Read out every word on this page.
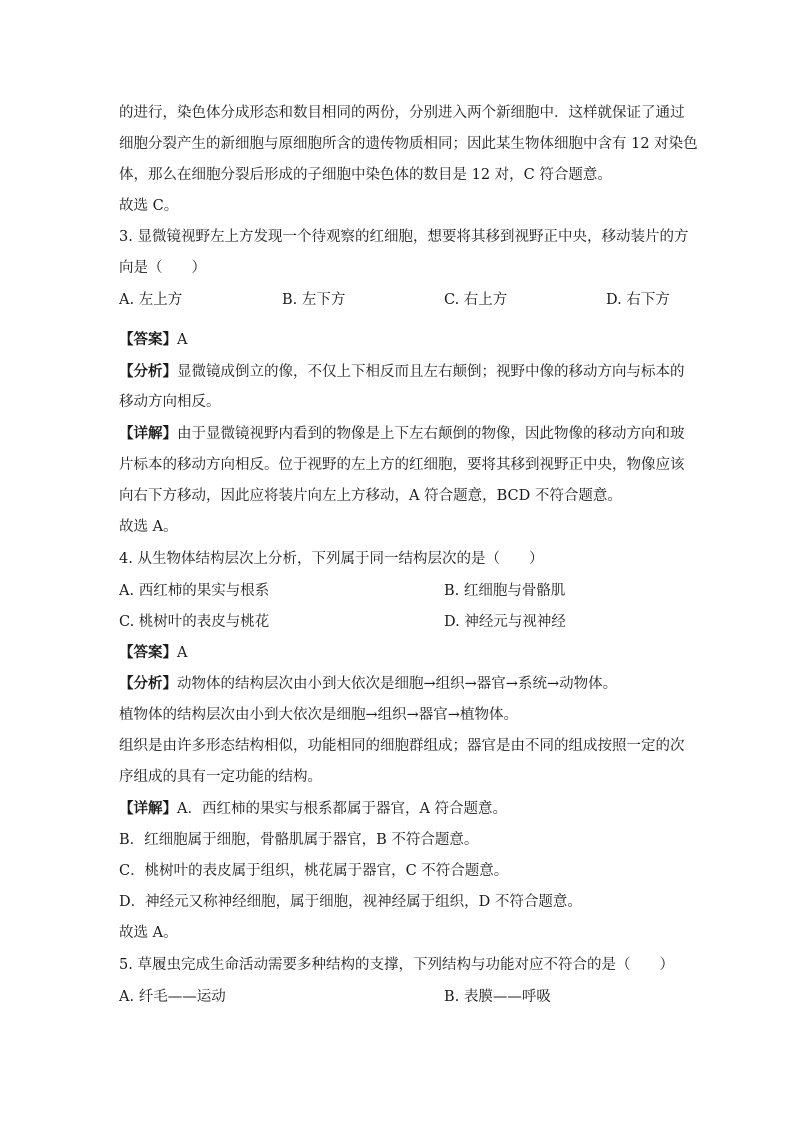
的进行，染色体分成形态和数目相同的两份，分别进入两个新细胞中．这样就保证了通过
细胞分裂产生的新细胞与原细胞所含的遗传物质相同；因此某生物体细胞中含有 12 对染色
体，那么在细胞分裂后形成的子细胞中染色体的数目是 12 对，C 符合题意。
故选 C。
3. 显微镜视野左上方发现一个待观察的红细胞，想要将其移到视野正中央，移动装片的方
向是（　　）
A. 左上方	B. 左下方	C. 右上方	D. 右下方
【答案】A
【分析】显微镜成倒立的像，不仅上下相反而且左右颠倒；视野中像的移动方向与标本的
移动方向相反。
【详解】由于显微镜视野内看到的物像是上下左右颠倒的物像，因此物像的移动方向和玻
片标本的移动方向相反。位于视野的左上方的红细胞，要将其移到视野正中央，物像应该
向右下方移动，因此应将装片向左上方移动，A 符合题意，BCD 不符合题意。
故选 A。
4. 从生物体结构层次上分析，下列属于同一结构层次的是（　　）
A. 西红柿的果实与根系	B. 红细胞与骨骼肌
C. 桃树叶的表皮与桃花	D. 神经元与视神经
【答案】A
【分析】动物体的结构层次由小到大依次是细胞→组织→器官→系统→动物体。
植物体的结构层次由小到大依次是细胞→组织→器官→植物体。
组织是由许多形态结构相似，功能相同的细胞群组成；器官是由不同的组成按照一定的次
序组成的具有一定功能的结构。
【详解】A．西红柿的果实与根系都属于器官，A 符合题意。
B．红细胞属于细胞，骨骼肌属于器官，B 不符合题意。
C．桃树叶的表皮属于组织，桃花属于器官，C 不符合题意。
D．神经元又称神经细胞，属于细胞，视神经属于组织，D 不符合题意。
故选 A。
5. 草履虫完成生命活动需要多种结构的支撑，下列结构与功能对应不符合的是（　　）
A. 纤毛——运动	B. 表膜——呼吸
